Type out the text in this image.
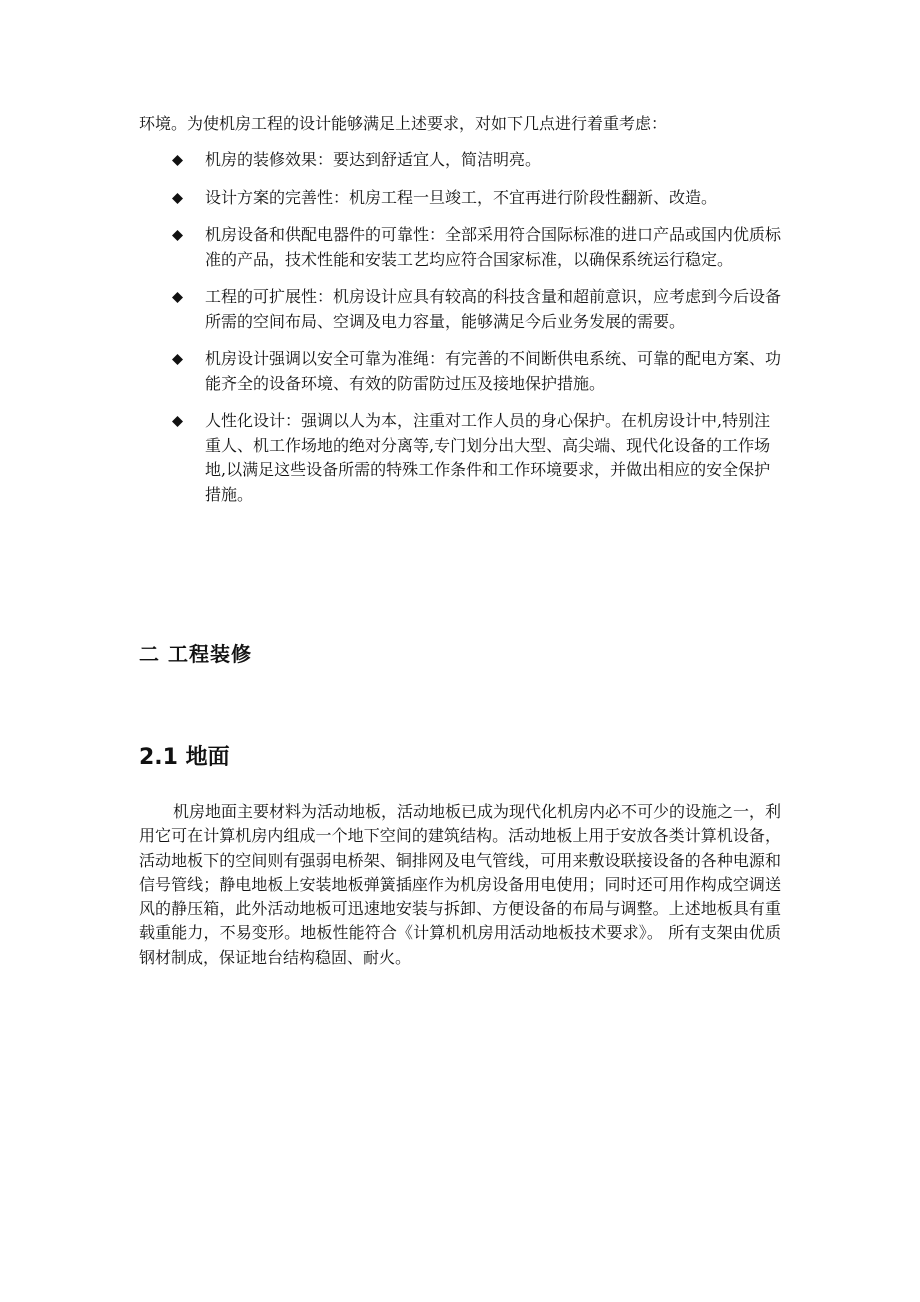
环境。为使机房工程的设计能够满足上述要求，对如下几点进行着重考虑：

机房的装修效果：要达到舒适宜人，简洁明亮。
设计方案的完善性：机房工程一旦竣工，不宜再进行阶段性翻新、改造。
机房设备和供配电器件的可靠性：全部采用符合国际标准的进口产品或国内优质标准的产品，技术性能和安装工艺均应符合国家标准，以确保系统运行稳定。
工程的可扩展性：机房设计应具有较高的科技含量和超前意识，应考虑到今后设备所需的空间布局、空调及电力容量，能够满足今后业务发展的需要。
机房设计强调以安全可靠为准绳：有完善的不间断供电系统、可靠的配电方案、功能齐全的设备环境、有效的防雷防过压及接地保护措施。
人性化设计：强调以人为本，注重对工作人员的身心保护。在机房设计中,特别注重人、机工作场地的绝对分离等,专门划分出大型、高尖端、现代化设备的工作场地,以满足这些设备所需的特殊工作条件和工作环境要求，并做出相应的安全保护措施。
二 工程装修
2.1 地面

机房地面主要材料为活动地板，活动地板已成为现代化机房内必不可少的设施之一，利用它可在计算机房内组成一个地下空间的建筑结构。活动地板上用于安放各类计算机设备，活动地板下的空间则有强弱电桥架、铜排网及电气管线，可用来敷设联接设备的各种电源和信号管线；静电地板上安装地板弹簧插座作为机房设备用电使用；同时还可用作构成空调送风的静压箱，此外活动地板可迅速地安装与拆卸、方便设备的布局与调整。上述地板具有重载重能力，不易变形。地板性能符合《计算机机房用活动地板技术要求》。 所有支架由优质钢材制成，保证地台结构稳固、耐火。
